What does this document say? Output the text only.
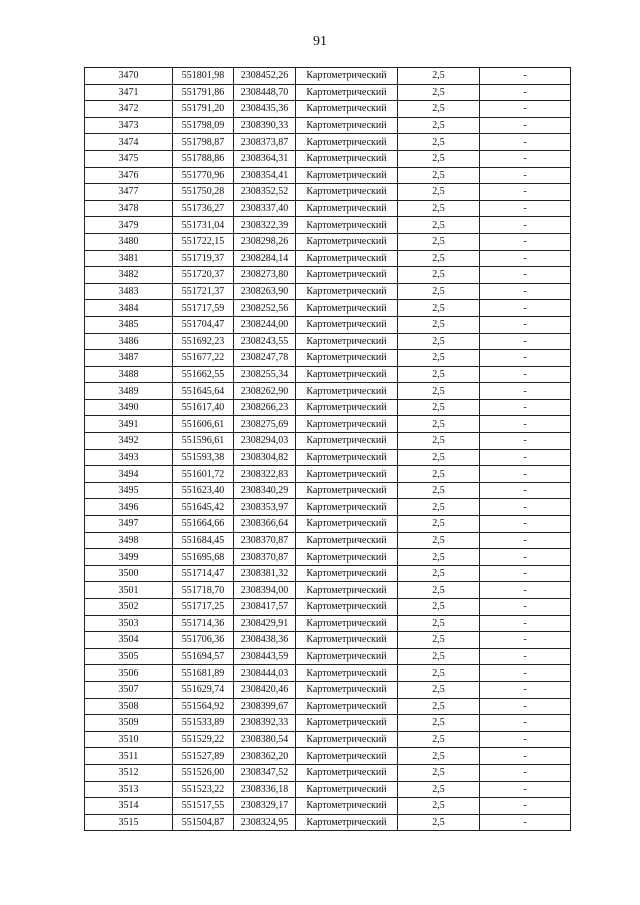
91
3470	551801,98	2308452,26	Картометрический	2,5	-
3471	551791,86	2308448,70	Картометрический	2,5	-
3472	551791,20	2308435,36	Картометрический	2,5	-
3473	551798,09	2308390,33	Картометрический	2,5	-
3474	551798,87	2308373,87	Картометрический	2,5	-
3475	551788,86	2308364,31	Картометрический	2,5	-
3476	551770,96	2308354,41	Картометрический	2,5	-
3477	551750,28	2308352,52	Картометрический	2,5	-
3478	551736,27	2308337,40	Картометрический	2,5	-
3479	551731,04	2308322,39	Картометрический	2,5	-
3480	551722,15	2308298,26	Картометрический	2,5	-
3481	551719,37	2308284,14	Картометрический	2,5	-
3482	551720,37	2308273,80	Картометрический	2,5	-
3483	551721,37	2308263,90	Картометрический	2,5	-
3484	551717,59	2308252,56	Картометрический	2,5	-
3485	551704,47	2308244,00	Картометрический	2,5	-
3486	551692,23	2308243,55	Картометрический	2,5	-
3487	551677,22	2308247,78	Картометрический	2,5	-
3488	551662,55	2308255,34	Картометрический	2,5	-
3489	551645,64	2308262,90	Картометрический	2,5	-
3490	551617,40	2308266,23	Картометрический	2,5	-
3491	551606,61	2308275,69	Картометрический	2,5	-
3492	551596,61	2308294,03	Картометрический	2,5	-
3493	551593,38	2308304,82	Картометрический	2,5	-
3494	551601,72	2308322,83	Картометрический	2,5	-
3495	551623,40	2308340,29	Картометрический	2,5	-
3496	551645,42	2308353,97	Картометрический	2,5	-
3497	551664,66	2308366,64	Картометрический	2,5	-
3498	551684,45	2308370,87	Картометрический	2,5	-
3499	551695,68	2308370,87	Картометрический	2,5	-
3500	551714,47	2308381,32	Картометрический	2,5	-
3501	551718,70	2308394,00	Картометрический	2,5	-
3502	551717,25	2308417,57	Картометрический	2,5	-
3503	551714,36	2308429,91	Картометрический	2,5	-
3504	551706,36	2308438,36	Картометрический	2,5	-
3505	551694,57	2308443,59	Картометрический	2,5	-
3506	551681,89	2308444,03	Картометрический	2,5	-
3507	551629,74	2308420,46	Картометрический	2,5	-
3508	551564,92	2308399,67	Картометрический	2,5	-
3509	551533,89	2308392,33	Картометрический	2,5	-
3510	551529,22	2308380,54	Картометрический	2,5	-
3511	551527,89	2308362,20	Картометрический	2,5	-
3512	551526,00	2308347,52	Картометрический	2,5	-
3513	551523,22	2308336,18	Картометрический	2,5	-
3514	551517,55	2308329,17	Картометрический	2,5	-
3515	551504,87	2308324,95	Картометрический	2,5	-
